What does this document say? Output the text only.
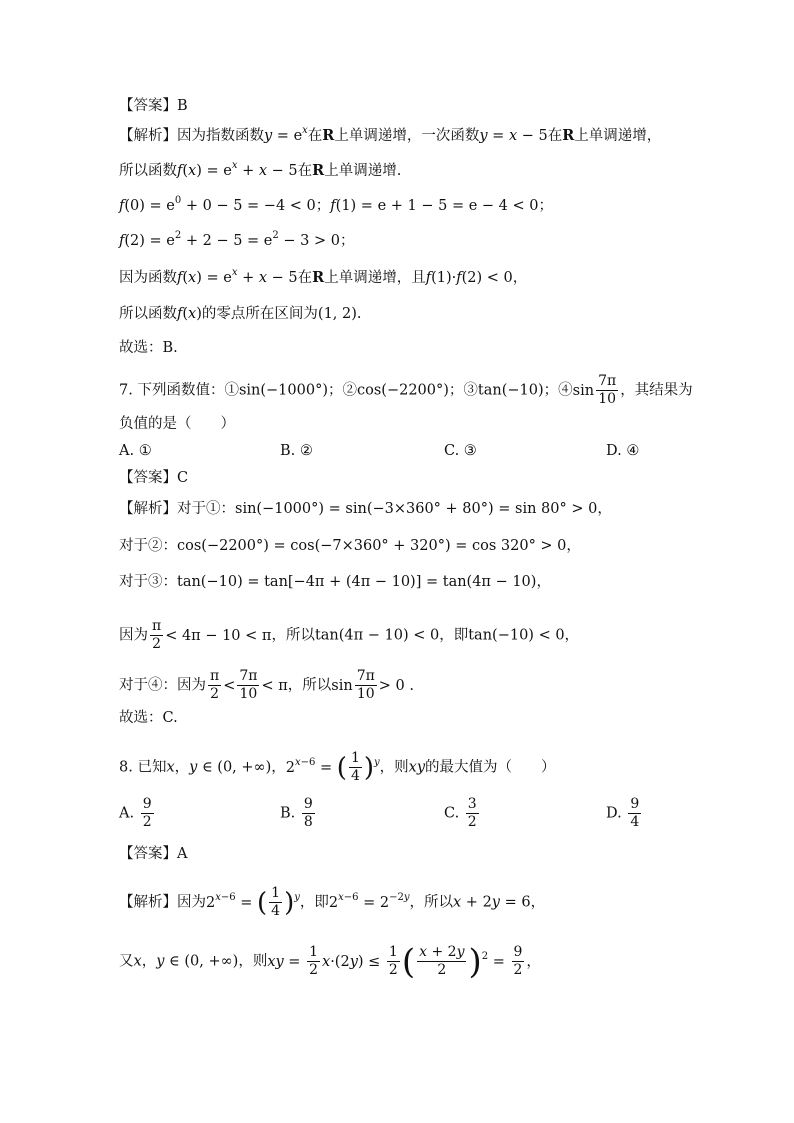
【答案】B
【解析】因为指数函数$y = e^x$在R上单调递增，一次函数y = x − 5在R上单调递增，
所以函数$f(x) = e^x + x - 5$在R上单调递增.
$f(0) = e^0 + 0 - 5 = -4 < 0$；f(1) = e + 1 − 5 = e − 4 < 0；
$f(2) = e^2 + 2 - 5 = e^2 - 3 > 0$；
因为函数$f(x) = e^x + x - 5$在R上单调递增，且f(1)·f(2) < 0，
所以函数f(x)的零点所在区间为(1, 2).
故选：B.
7. 下列函数值：①sin(−1000°)；②cos(−2200°)；③tan(−10)；④sin $\frac{7\pi}{10}$ ，其结果为
负值的是（　　）
A. ①	B. ②	C. ③	D. ④
【答案】C
【解析】对于①：sin(−1000°) = sin(−3×360° + 80°) = sin 80° > 0，
对于②：cos(−2200°) = cos(−7×360° + 320°) = cos 320° > 0，
对于③：tan(−10) = tan[−4π + (4π − 10)] = tan(4π − 10)，
因为 $\frac{\pi}{2} < 4\pi - 10 < \pi$，所以tan(4π − 10) < 0，即tan(−10) < 0，
对于④：因为 $\frac{\pi}{2} < \frac{7\pi}{10} < \pi$，所以$\sin \frac{7\pi}{10} > 0$ .
故选：C.
8. 已知x，y ∈ (0, +∞)，$2^{x-6}$ = ( $\frac{1}{4} )^y$，则xy的最大值为（　　）
A. $\frac{9}{2}$	B. $\frac{9}{8}$	C. $\frac{3}{2}$	D. $\frac{9}{4}$
【答案】A
【解析】因为$2^{x-6}$ = ( $\frac{1}{4} )^y$，即$2^{x-6} = 2^{-2y}$，所以x + 2y = 6，
又x，y ∈ (0, +∞)，则xy = $\frac{1}{2} x\cdot(2y) \le \frac{1}{2}$ ( $\frac{x + 2y}{2} )^2 = \frac{9}{2}$ ，
